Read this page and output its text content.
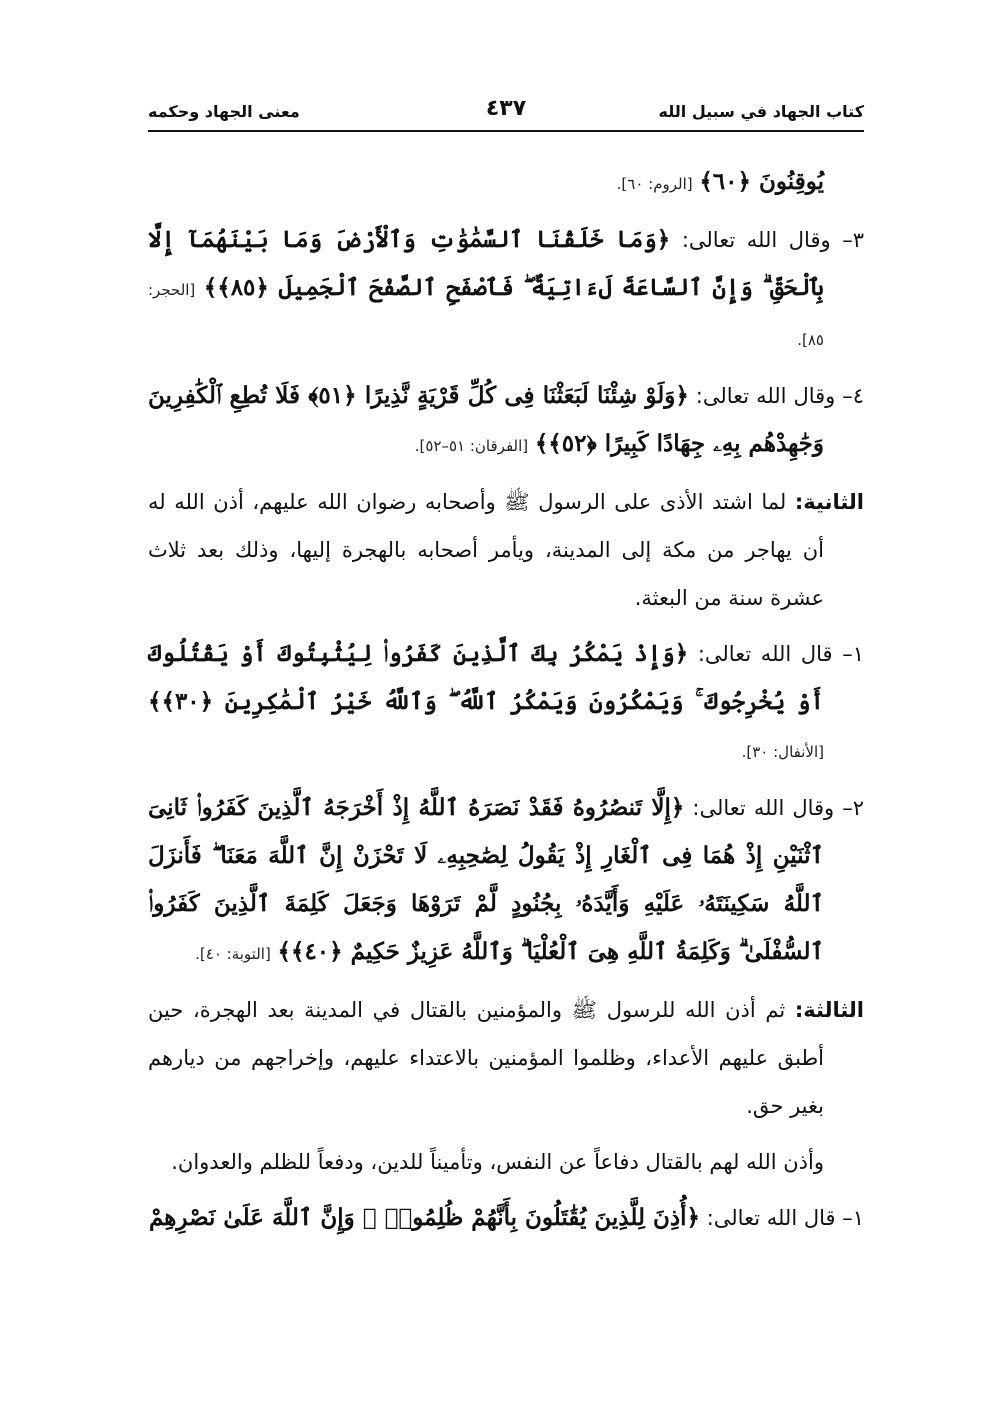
كتاب الجهاد في سبيل الله
٤٣٧
معنى الجهاد وحكمه

يُوقِنُونَ ﴿٦٠﴾ [الروم: ٦٠].

٣– وقال الله تعالى: ﴿وَمَا خَلَقْنَا ٱلسَّمَٰوَٰتِ وَٱلْأَرْضَ وَمَا بَيْنَهُمَآ إِلَّا بِٱلْحَقِّ ۗ وَإِنَّ ٱلسَّاعَةَ لَءَاتِيَةٌ ۖ فَٱصْفَحِ ٱلصَّفْحَ ٱلْجَمِيلَ ﴿٨٥﴾﴾ [الحجر: ٨٥].

٤– وقال الله تعالى: ﴿وَلَوْ شِئْنَا لَبَعَثْنَا فِى كُلِّ قَرْيَةٍ نَّذِيرًا ﴿٥١﴾ فَلَا تُطِعِ ٱلْكَٰفِرِينَ وَجَٰهِدْهُم بِهِۦ جِهَادًا كَبِيرًا ﴿٥٢﴾﴾ [الفرقان: ٥١–٥٢].

الثانية: لما اشتد الأذى على الرسول ﷺ وأصحابه رضوان الله عليهم، أذن الله له أن يهاجر من مكة إلى المدينة، ويأمر أصحابه بالهجرة إليها، وذلك بعد ثلاث عشرة سنة من البعثة.

١– قال الله تعالى: ﴿وَإِذْ يَمْكُرُ بِكَ ٱلَّذِينَ كَفَرُوا۟ لِيُثْبِتُوكَ أَوْ يَقْتُلُوكَ أَوْ يُخْرِجُوكَ ۚ وَيَمْكُرُونَ وَيَمْكُرُ ٱللَّهُ ۖ وَٱللَّهُ خَيْرُ ٱلْمَٰكِرِينَ ﴿٣٠﴾﴾ [الأنفال: ٣٠].

٢– وقال الله تعالى: ﴿إِلَّا تَنصُرُوهُ فَقَدْ نَصَرَهُ ٱللَّهُ إِذْ أَخْرَجَهُ ٱلَّذِينَ كَفَرُوا۟ ثَانِىَ ٱثْنَيْنِ إِذْ هُمَا فِى ٱلْغَارِ إِذْ يَقُولُ لِصَٰحِبِهِۦ لَا تَحْزَنْ إِنَّ ٱللَّهَ مَعَنَا ۖ فَأَنزَلَ ٱللَّهُ سَكِينَتَهُۥ عَلَيْهِ وَأَيَّدَهُۥ بِجُنُودٍ لَّمْ تَرَوْهَا وَجَعَلَ كَلِمَةَ ٱلَّذِينَ كَفَرُوا۟ ٱلسُّفْلَىٰ ۗ وَكَلِمَةُ ٱللَّهِ هِىَ ٱلْعُلْيَا ۗ وَٱللَّهُ عَزِيزٌ حَكِيمٌ ﴿٤٠﴾﴾ [التوبة: ٤٠].

الثالثة: ثم أذن الله للرسول ﷺ والمؤمنين بالقتال في المدينة بعد الهجرة، حين أطبق عليهم الأعداء، وظلموا المؤمنين بالاعتداء عليهم، وإخراجهم من ديارهم بغير حق.

وأذن الله لهم بالقتال دفاعاً عن النفس، وتأميناً للدين، ودفعاً للظلم والعدوان.

١– قال الله تعالى: ﴿أُذِنَ لِلَّذِينَ يُقَٰتَلُونَ بِأَنَّهُمْ ظُلِمُوا۟ ۚ وَإِنَّ ٱللَّهَ عَلَىٰ نَصْرِهِمْ
